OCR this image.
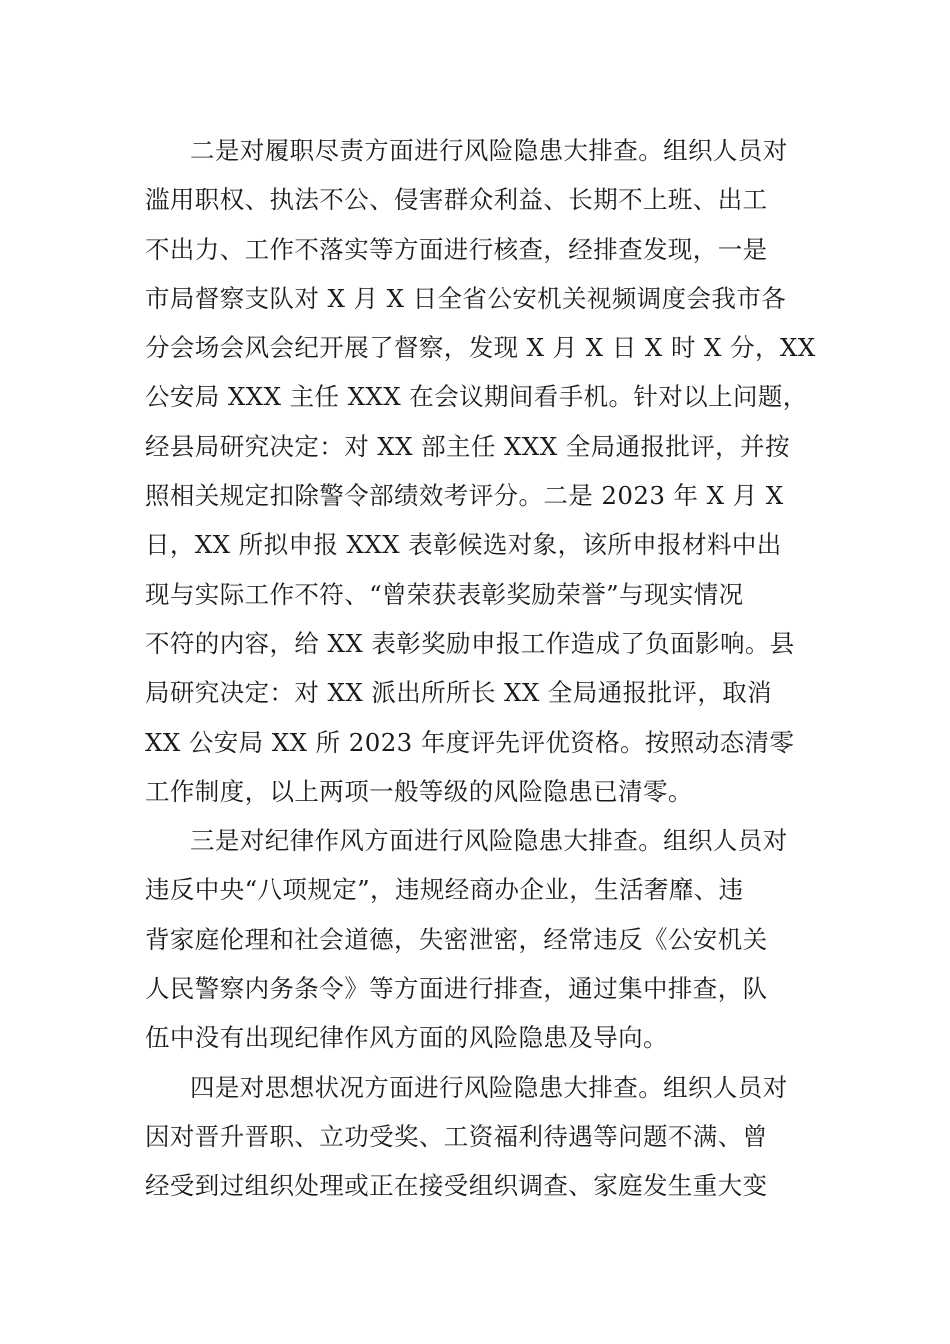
二是对履职尽责方面进行风险隐患大排查。组织人员对
滥用职权、执法不公、侵害群众利益、长期不上班、出工
不出力、工作不落实等方面进行核查，经排查发现，一是
市局督察支队对 X 月 X 日全省公安机关视频调度会我市各
分会场会风会纪开展了督察，发现 X 月 X 日 X 时 X 分，XX
公安局 XXX 主任 XXX 在会议期间看手机。针对以上问题，
经县局研究决定：对 XX 部主任 XXX 全局通报批评，并按
照相关规定扣除警令部绩效考评分。二是 2023 年 X 月 X
日，XX 所拟申报 XXX 表彰候选对象，该所申报材料中出
现与实际工作不符、“曾荣获表彰奖励荣誉”与现实情况
不符的内容，给 XX 表彰奖励申报工作造成了负面影响。县
局研究决定：对 XX 派出所所长 XX 全局通报批评，取消
XX 公安局 XX 所 2023 年度评先评优资格。按照动态清零
工作制度，以上两项一般等级的风险隐患已清零。

三是对纪律作风方面进行风险隐患大排查。组织人员对
违反中央“八项规定”，违规经商办企业，生活奢靡、违
背家庭伦理和社会道德，失密泄密，经常违反《公安机关
人民警察内务条令》等方面进行排查，通过集中排查，队
伍中没有出现纪律作风方面的风险隐患及导向。

四是对思想状况方面进行风险隐患大排查。组织人员对
因对晋升晋职、立功受奖、工资福利待遇等问题不满、曾
经受到过组织处理或正在接受组织调查、家庭发生重大变
